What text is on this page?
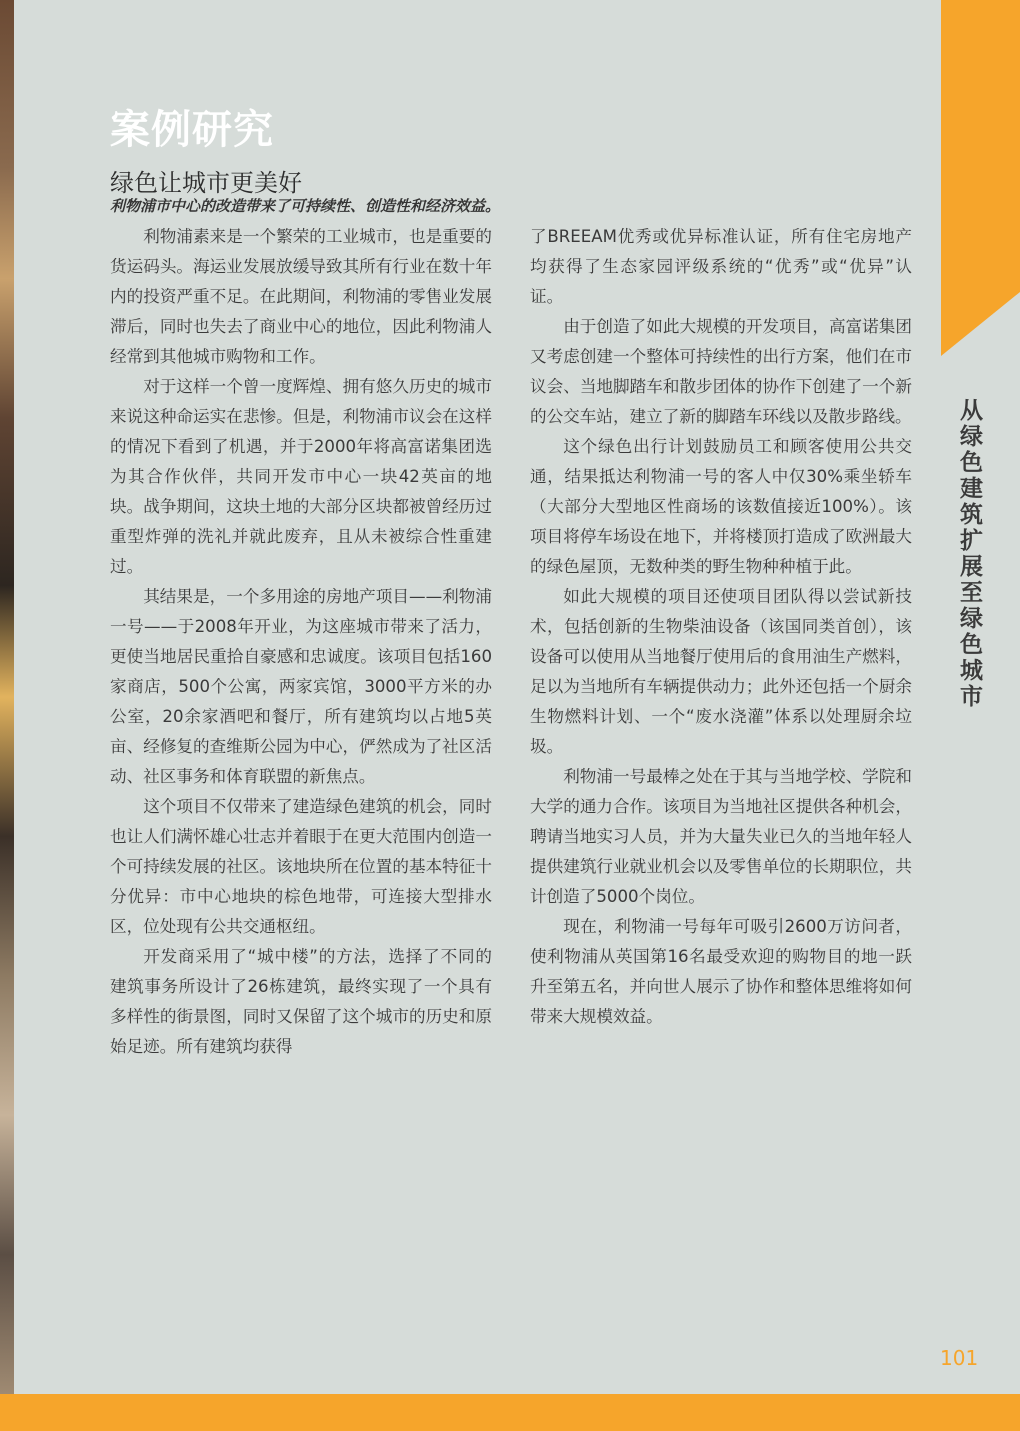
案例研究
绿色让城市更美好
利物浦市中心的改造带来了可持续性、创造性和经济效益。

利物浦素来是一个繁荣的工业城市，也是重要的货运码头。海运业发展放缓导致其所有行业在数十年内的投资严重不足。在此期间，利物浦的零售业发展滞后，同时也失去了商业中心的地位，因此利物浦人经常到其他城市购物和工作。

对于这样一个曾一度辉煌、拥有悠久历史的城市来说这种命运实在悲惨。但是，利物浦市议会在这样的情况下看到了机遇，并于2000年将高富诺集团选为其合作伙伴，共同开发市中心一块42英亩的地块。战争期间，这块土地的大部分区块都被曾经历过重型炸弹的洗礼并就此废弃，且从未被综合性重建过。

其结果是，一个多用途的房地产项目——利物浦一号——于2008年开业，为这座城市带来了活力，更使当地居民重拾自豪感和忠诚度。该项目包括160家商店，500个公寓，两家宾馆，3000平方米的办公室，20余家酒吧和餐厅，所有建筑均以占地5英亩、经修复的查维斯公园为中心，俨然成为了社区活动、社区事务和体育联盟的新焦点。

这个项目不仅带来了建造绿色建筑的机会，同时也让人们满怀雄心壮志并着眼于在更大范围内创造一个可持续发展的社区。该地块所在位置的基本特征十分优异：市中心地块的棕色地带，可连接大型排水区，位处现有公共交通枢纽。

开发商采用了“城中楼”的方法，选择了不同的建筑事务所设计了26栋建筑，最终实现了一个具有多样性的街景图，同时又保留了这个城市的历史和原始足迹。所有建筑均获得

了BREEAM优秀或优异标准认证，所有住宅房地产均获得了生态家园评级系统的“优秀”或“优异”认证。

由于创造了如此大规模的开发项目，高富诺集团又考虑创建一个整体可持续性的出行方案，他们在市议会、当地脚踏车和散步团体的协作下创建了一个新的公交车站，建立了新的脚踏车环线以及散步路线。

这个绿色出行计划鼓励员工和顾客使用公共交通，结果抵达利物浦一号的客人中仅30%乘坐轿车（大部分大型地区性商场的该数值接近100%）。该项目将停车场设在地下，并将楼顶打造成了欧洲最大的绿色屋顶，无数种类的野生物种种植于此。

如此大规模的项目还使项目团队得以尝试新技术，包括创新的生物柴油设备（该国同类首创），该设备可以使用从当地餐厅使用后的食用油生产燃料，足以为当地所有车辆提供动力；此外还包括一个厨余生物燃料计划、一个“废水浇灌”体系以处理厨余垃圾。

利物浦一号最棒之处在于其与当地学校、学院和大学的通力合作。该项目为当地社区提供各种机会，聘请当地实习人员，并为大量失业已久的当地年轻人提供建筑行业就业机会以及零售单位的长期职位，共计创造了5000个岗位。

现在，利物浦一号每年可吸引2600万访问者，使利物浦从英国第16名最受欢迎的购物目的地一跃升至第五名，并向世人展示了协作和整体思维将如何带来大规模效益。

从绿色建筑扩展至绿色城市
101
